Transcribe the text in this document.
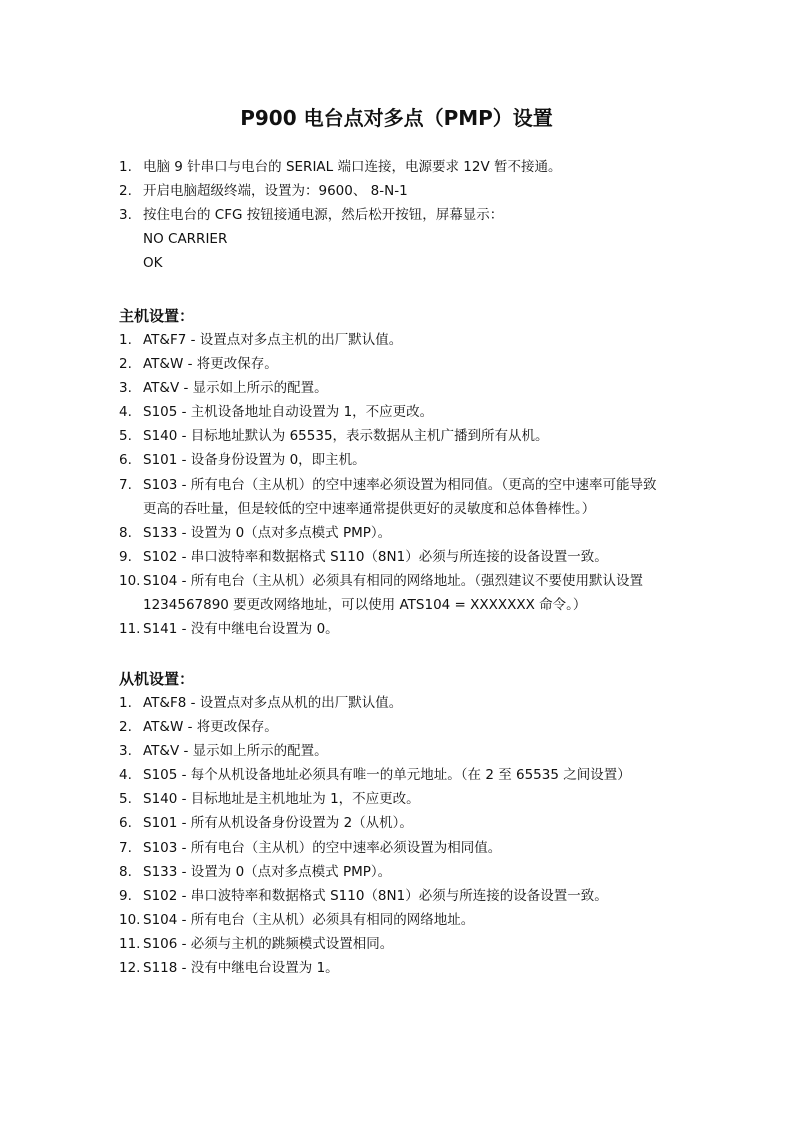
P900 电台点对多点（PMP）设置
1. 电脑 9 针串口与电台的 SERIAL 端口连接，电源要求 12V 暂不接通。
2. 开启电脑超级终端，设置为：9600、 8-N-1
3. 按住电台的 CFG 按钮接通电源，然后松开按钮，屏幕显示：
NO CARRIER
OK
主机设置：
1. AT&F7 - 设置点对多点主机的出厂默认值。
2. AT&W - 将更改保存。
3. AT&V - 显示如上所示的配置。
4. S105 - 主机设备地址自动设置为 1，不应更改。
5. S140 - 目标地址默认为 65535，表示数据从主机广播到所有从机。
6. S101 - 设备身份设置为 0，即主机。
7. S103 - 所有电台（主从机）的空中速率必须设置为相同值。（更高的空中速率可能导致
更高的吞吐量，但是较低的空中速率通常提供更好的灵敏度和总体鲁棒性。）
8. S133 - 设置为 0（点对多点模式 PMP）。
9. S102 - 串口波特率和数据格式 S110（8N1）必须与所连接的设备设置一致。
10. S104 - 所有电台（主从机）必须具有相同的网络地址。（强烈建议不要使用默认设置
1234567890 要更改网络地址，可以使用 ATS104 = XXXXXXX 命令。）
11. S141 - 没有中继电台设置为 0。
从机设置：
1. AT&F8 - 设置点对多点从机的出厂默认值。
2. AT&W - 将更改保存。
3. AT&V - 显示如上所示的配置。
4. S105 - 每个从机设备地址必须具有唯一的单元地址。（在 2 至 65535 之间设置）
5. S140 - 目标地址是主机地址为 1，不应更改。
6. S101 - 所有从机设备身份设置为 2（从机）。
7. S103 - 所有电台（主从机）的空中速率必须设置为相同值。
8. S133 - 设置为 0（点对多点模式 PMP）。
9. S102 - 串口波特率和数据格式 S110（8N1）必须与所连接的设备设置一致。
10. S104 - 所有电台（主从机）必须具有相同的网络地址。
11. S106 - 必须与主机的跳频模式设置相同。
12. S118 - 没有中继电台设置为 1。
